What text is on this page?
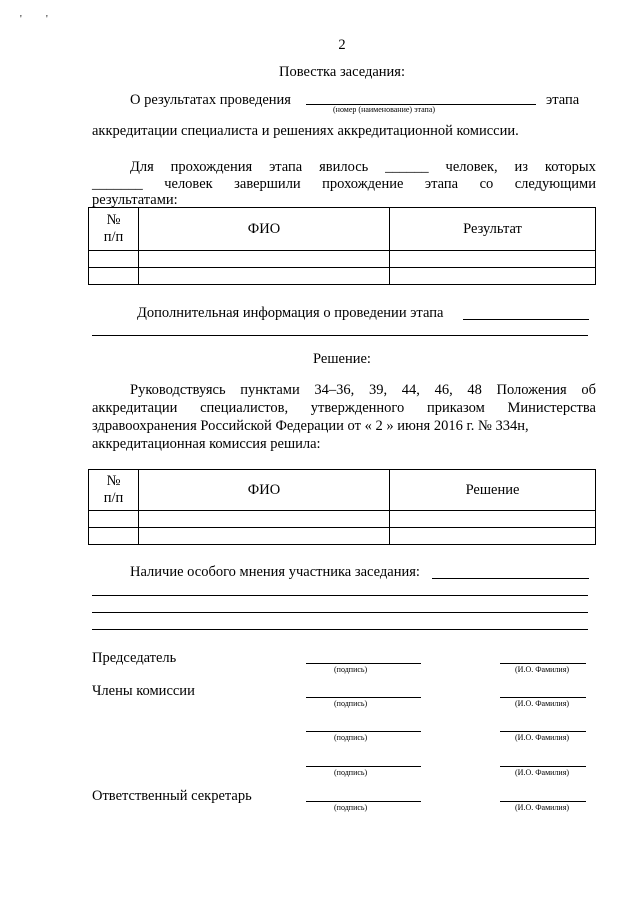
' '
2
Повестка заседания:
О результатах проведения
(номер (наименование) этапа)
этапа
аккредитации специалиста и решениях аккредитационной комиссии.
Для прохождения этапа явилось ______ человек, из которых
_______ человек завершили прохождение этапа со следующими
результатами:
№
п/п	ФИО	Результат

Дополнительная информация о проведении этапа
Решение:
Руководствуясь пунктами 34–36, 39, 44, 46, 48 Положения об
аккредитации специалистов, утвержденного приказом Министерства
здравоохранения Российской Федерации от « 2 » июня 2016 г. № 334н,
аккредитационная комиссия решила:
№
п/п	ФИО	Решение

Наличие особого мнения участника заседания:
Председатель
(подпись)	(И.О. Фамилия)
Члены комиссии
(подпись)	(И.О. Фамилия)
(подпись)	(И.О. Фамилия)
(подпись)	(И.О. Фамилия)
Ответственный секретарь
(подпись)	(И.О. Фамилия)
